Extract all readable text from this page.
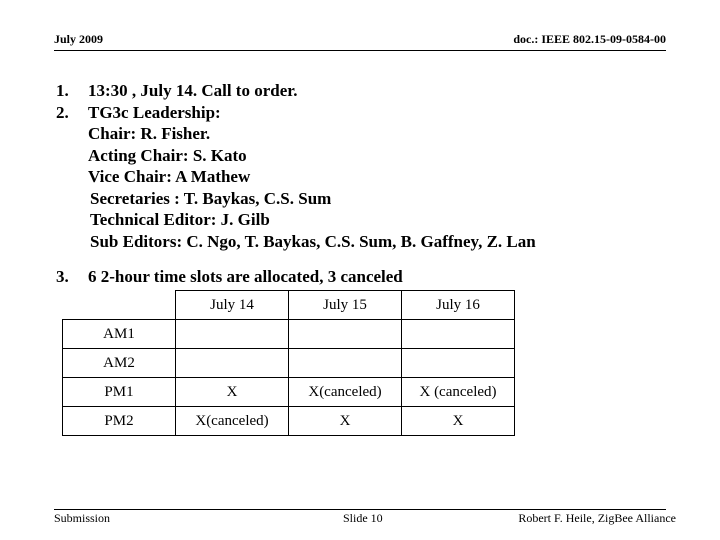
July 2009	doc.: IEEE 802.15-09-0584-00
1.	13:30 , July 14. Call to order.
2.	TG3c Leadership:
Chair: R. Fisher.
Acting Chair: S. Kato
Vice Chair: A Mathew
Secretaries : T. Baykas, C.S. Sum
Technical Editor: J. Gilb
Sub Editors: C. Ngo, T. Baykas, C.S. Sum, B. Gaffney, Z. Lan
3.	6 2-hour time slots are allocated, 3 canceled
	July 14	July 15	July 16
AM1			
AM2			
PM1	X	X(canceled)	X (canceled)
PM2	X(canceled)	X	X
Submission	Slide 10	Robert F. Heile, ZigBee Alliance
